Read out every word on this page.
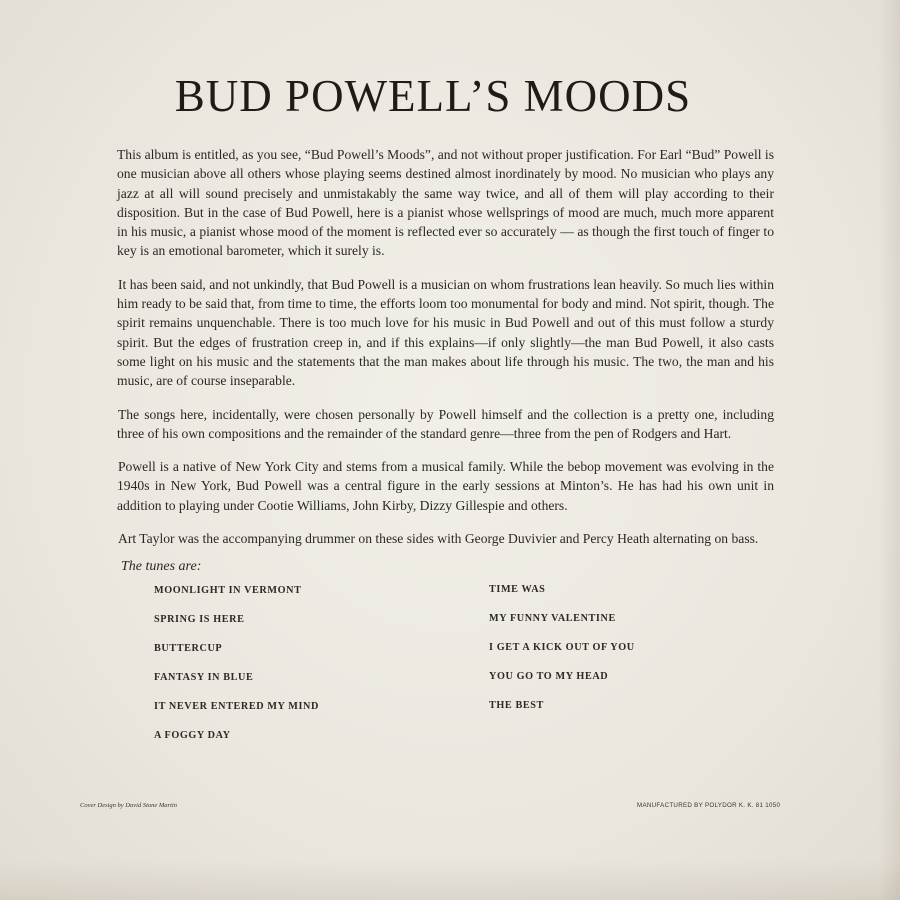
BUD POWELL’S MOODS

This album is entitled, as you see, “Bud Powell’s Moods”, and not without proper justification. For Earl “Bud” Powell is one musician above all others whose playing seems destined almost inordinately by mood. No musician who plays any jazz at all will sound precisely and unmistakably the same way twice, and all of them will play according to their disposition. But in the case of Bud Powell, here is a pianist whose wellsprings of mood are much, much more apparent in his music, a pianist whose mood of the moment is reflected ever so accurately — as though the first touch of finger to key is an emotional barometer, which it surely is.

It has been said, and not unkindly, that Bud Powell is a musician on whom frustrations lean heavily. So much lies within him ready to be said that, from time to time, the efforts loom too monumental for body and mind. Not spirit, though. The spirit remains unquenchable. There is too much love for his music in Bud Powell and out of this must follow a sturdy spirit. But the edges of frustration creep in, and if this explains—if only slightly—the man Bud Powell, it also casts some light on his music and the statements that the man makes about life through his music. The two, the man and his music, are of course inseparable.

The songs here, incidentally, were chosen personally by Powell himself and the collection is a pretty one, including three of his own compositions and the remainder of the standard genre—three from the pen of Rodgers and Hart.

Powell is a native of New York City and stems from a musical family. While the bebop movement was evolving in the 1940s in New York, Bud Powell was a central figure in the early sessions at Minton’s. He has had his own unit in addition to playing under Cootie Williams, John Kirby, Dizzy Gillespie and others.

Art Taylor was the accompanying drummer on these sides with George Duvivier and Percy Heath alternating on bass.

The tunes are:

MOONLIGHT IN VERMONT
SPRING IS HERE
BUTTERCUP
FANTASY IN BLUE
IT NEVER ENTERED MY MIND
A FOGGY DAY
TIME WAS
MY FUNNY VALENTINE
I GET A KICK OUT OF YOU
YOU GO TO MY HEAD
THE BEST
Cover Design by David Stone Martin	MANUFACTURED BY POLYDOR K. K. 81 1050
